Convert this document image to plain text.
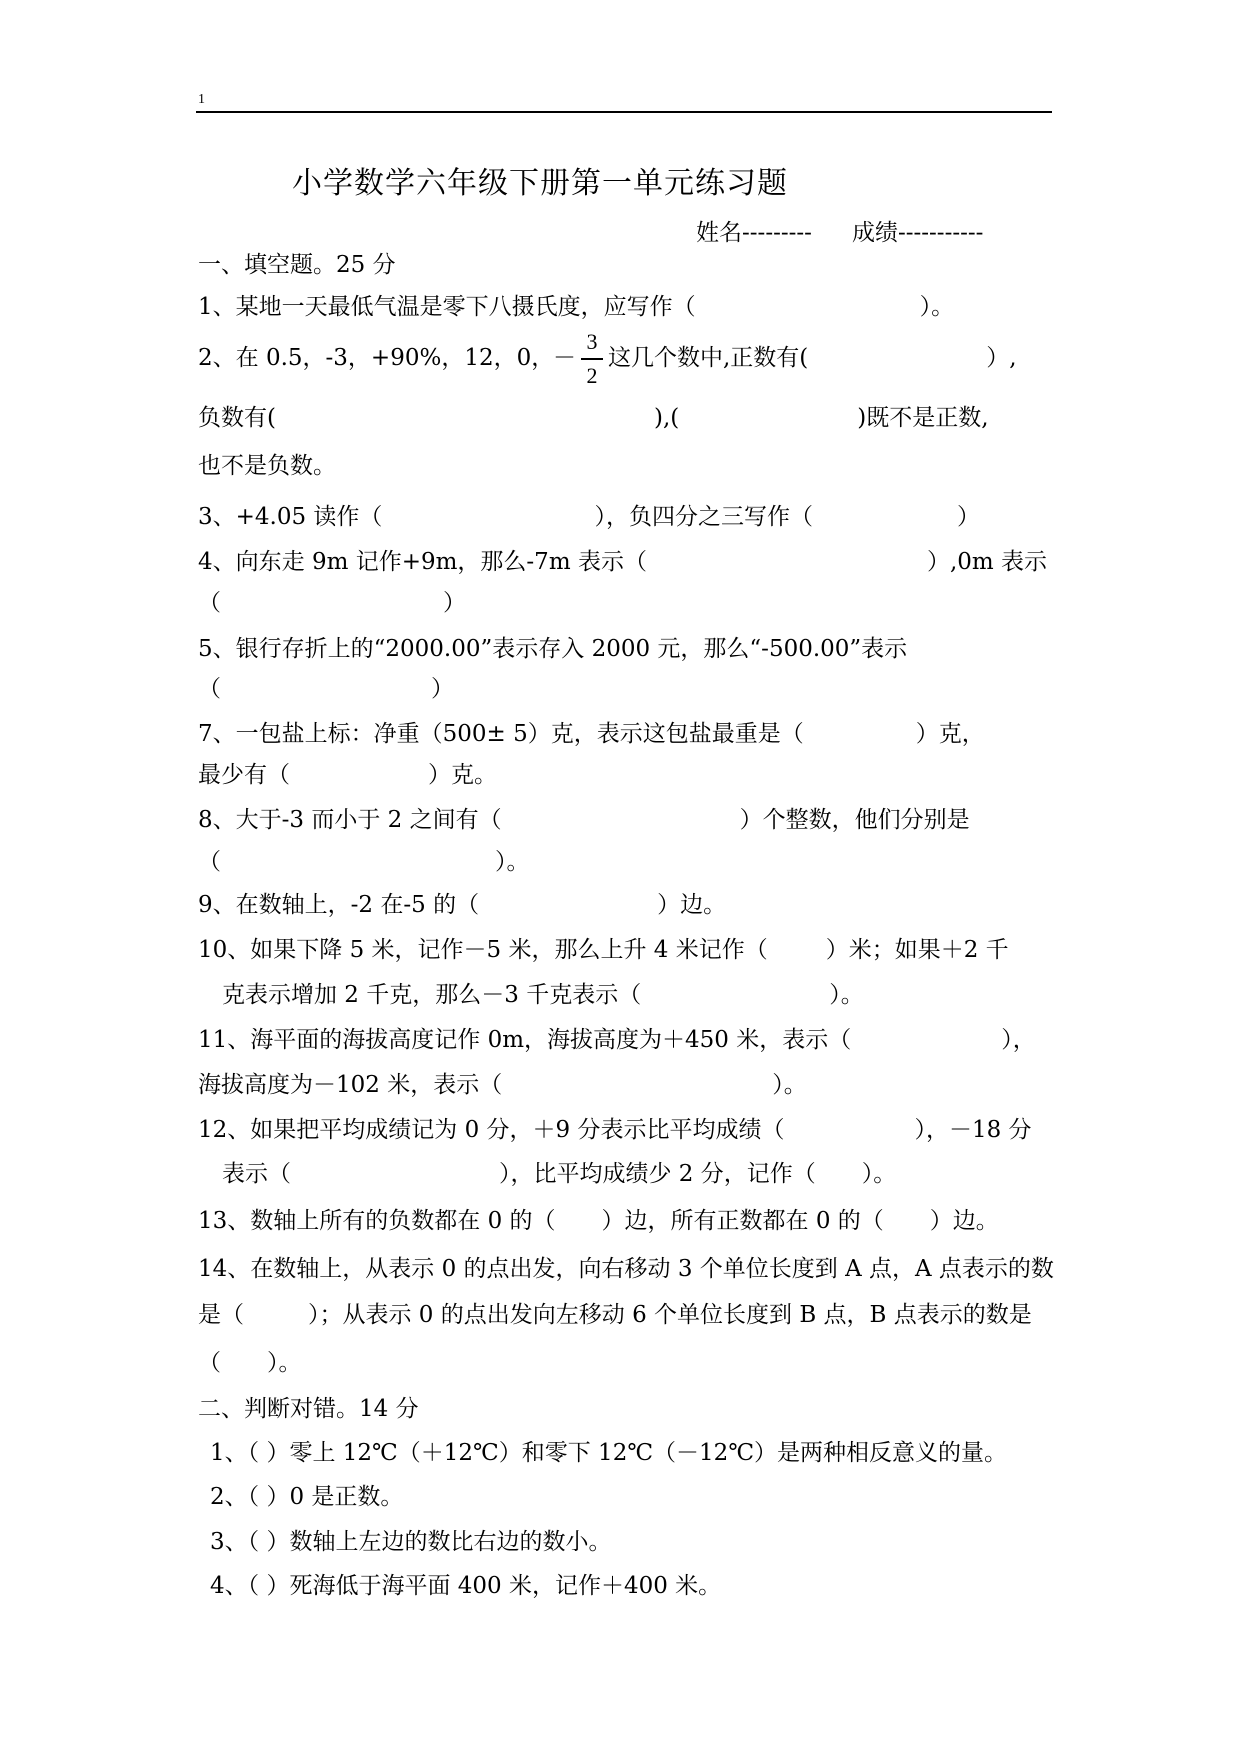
1
小学数学六年级下册第一单元练习题
姓名--------- 成绩-----------
一、填空题。25 分
1、某地一天最低气温是零下八摄氏度，应写作（	）。
2、在 0.5，-3，+90%，12，0，
－
3
2
这几个数中,正数有(	）,
负数有(	),(	)既不是正数,
也不是负数。
3、+4.05 读作（	），负四分之三写作（	）
4、向东走 9m 记作+9m，那么-7m 表示（	）,0m 表示
（	）
5、银行存折上的“2000.00”表示存入 2000 元，那么“-500.00”表示
（	）
7、一包盐上标：净重（500± 5）克，表示这包盐最重是（	）克，
最少有（	）克。
8、大于-3 而小于 2 之间有（	）个整数，他们分别是
（	）。
9、在数轴上，-2 在-5 的（	）边。
10、如果下降 5 米，记作－5 米，那么上升 4 米记作（	）米；如果＋2 千
克表示增加 2 千克，那么－3 千克表示（	）。
11、海平面的海拔高度记作 0m，海拔高度为＋450 米，表示（	），
海拔高度为－102 米，表示（	）。
12、如果把平均成绩记为 0 分，＋9 分表示比平均成绩（	），－18 分
表示（	），比平均成绩少 2 分，记作（ ）。
13、数轴上所有的负数都在 0 的（ ）边，所有正数都在 0 的（ ）边。
14、在数轴上，从表示 0 的点出发，向右移动 3 个单位长度到 A 点，A 点表示的数
是（	）；从表示 0 的点出发向左移动 6 个单位长度到 B 点，B 点表示的数是
（ ）。
二、判断对错。14 分
1、（ ）零上 12℃（＋12℃）和零下 12℃（－12℃）是两种相反意义的量。
2、（ ）0 是正数。
3、（ ）数轴上左边的数比右边的数小。
4、（ ）死海低于海平面 400 米，记作＋400 米。
